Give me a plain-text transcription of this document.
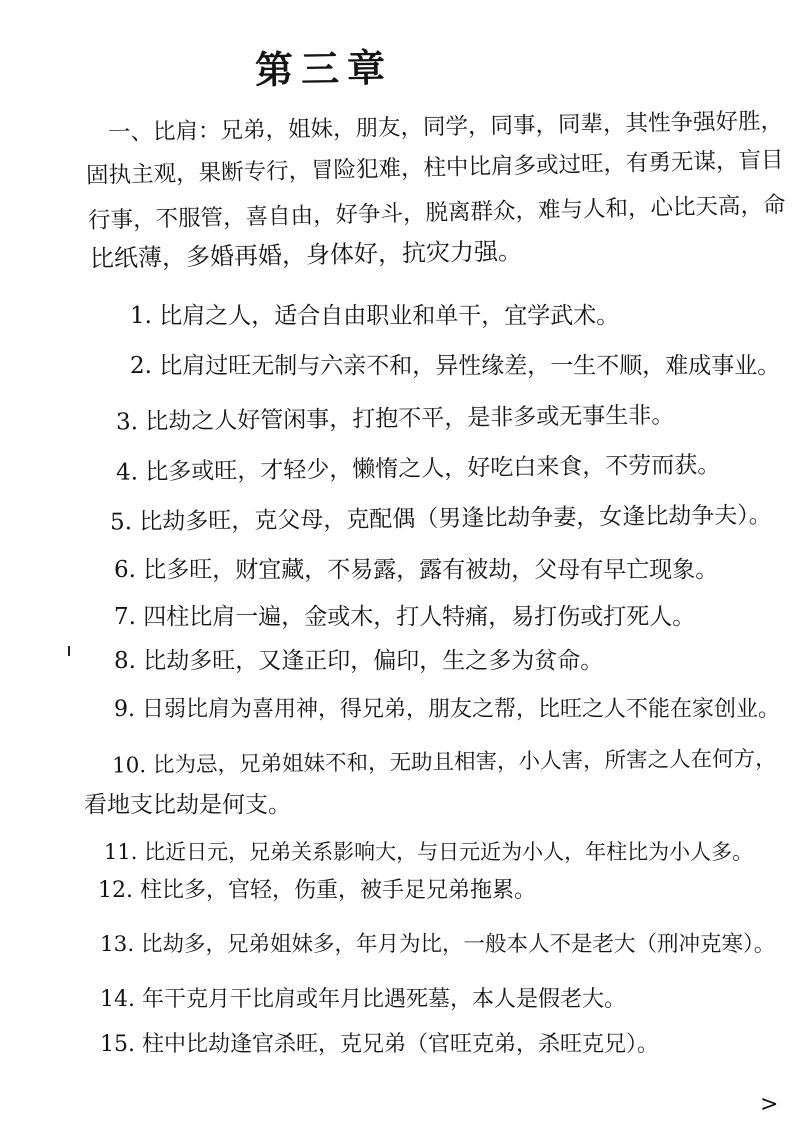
第三章
一、比肩：兄弟，姐妹，朋友，同学，同事，同辈，其性争强好胜，
固执主观，果断专行，冒险犯难，柱中比肩多或过旺，有勇无谋，盲目
行事，不服管，喜自由，好争斗，脱离群众，难与人和，心比天高，命
比纸薄，多婚再婚，身体好，抗灾力强。
1. 比肩之人，适合自由职业和单干，宜学武术。
2. 比肩过旺无制与六亲不和，异性缘差，一生不顺，难成事业。
3. 比劫之人好管闲事，打抱不平，是非多或无事生非。
4. 比多或旺，才轻少，懒惰之人，好吃白来食，不劳而获。
5. 比劫多旺，克父母，克配偶（男逢比劫争妻，女逢比劫争夫）。
6. 比多旺，财宜藏，不易露，露有被劫，父母有早亡现象。
7. 四柱比肩一遍，金或木，打人特痛，易打伤或打死人。
8. 比劫多旺，又逢正印，偏印，生之多为贫命。
9. 日弱比肩为喜用神，得兄弟，朋友之帮，比旺之人不能在家创业。
10. 比为忌，兄弟姐妹不和，无助且相害，小人害，所害之人在何方，
看地支比劫是何支。
11. 比近日元，兄弟关系影响大，与日元近为小人，年柱比为小人多。
12. 柱比多，官轻，伤重，被手足兄弟拖累。
13. 比劫多，兄弟姐妹多，年月为比，一般本人不是老大（刑冲克寒）。
14. 年干克月干比肩或年月比遇死墓，本人是假老大。
15. 柱中比劫逢官杀旺，克兄弟（官旺克弟，杀旺克兄）。
>
